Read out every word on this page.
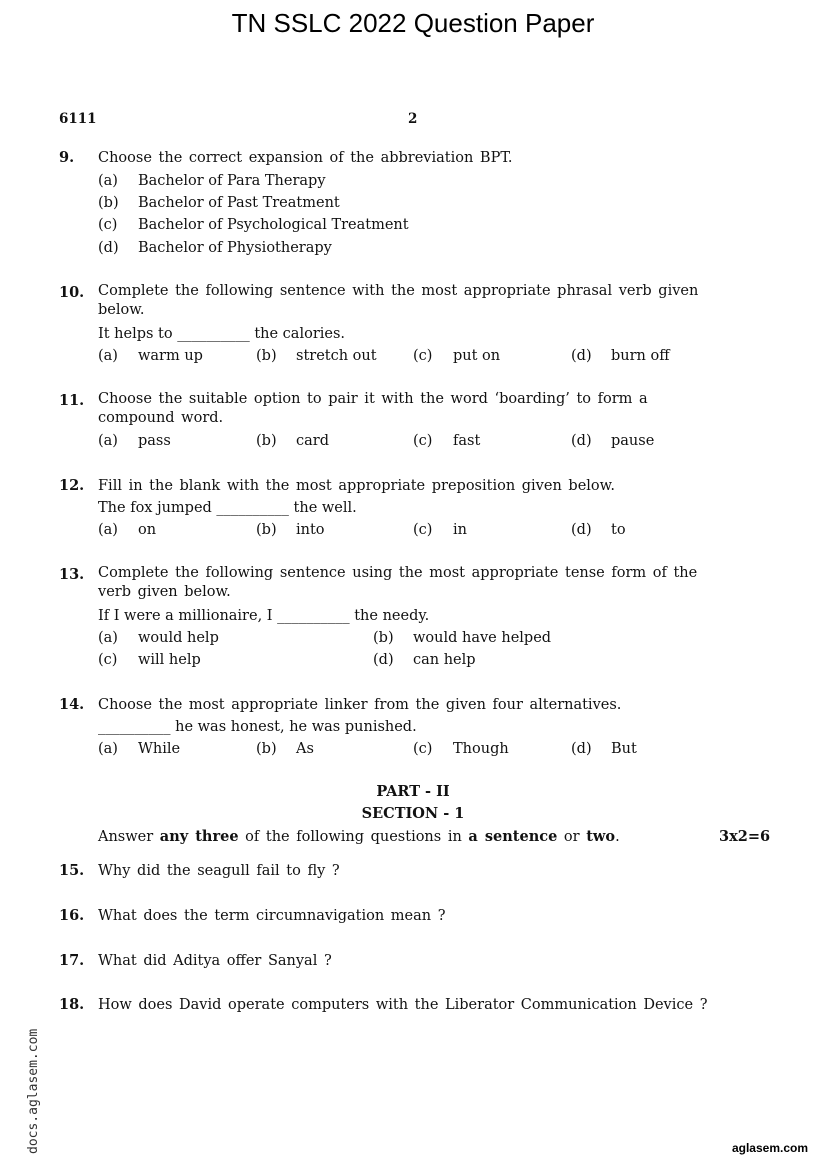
TN SSLC 2022 Question Paper
6111	2
9. Choose the correct expansion of the abbreviation BPT.
(a) Bachelor of Para Therapy
(b) Bachelor of Past Treatment
(c) Bachelor of Psychological Treatment
(d) Bachelor of Physiotherapy
10. Complete the following sentence with the most appropriate phrasal verb given below.
It helps to __________ the calories.
(a) warm up	(b) stretch out	(c) put on	(d) burn off
11. Choose the suitable option to pair it with the word ‘boarding’ to form a compound word.
(a) pass	(b) card	(c) fast	(d) pause
12. Fill in the blank with the most appropriate preposition given below.
The fox jumped __________ the well.
(a) on	(b) into	(c) in	(d) to
13. Complete the following sentence using the most appropriate tense form of the verb given below.
If I were a millionaire, I __________ the needy.
(a) would help	(b) would have helped
(c) will help	(d) can help
14. Choose the most appropriate linker from the given four alternatives.
__________ he was honest, he was punished.
(a) While	(b) As	(c) Though	(d) But
PART - II
SECTION - 1
Answer any three of the following questions in a sentence or two.	3x2=6
15. Why did the seagull fail to fly ?
16. What does the term circumnavigation mean ?
17. What did Aditya offer Sanyal ?
18. How does David operate computers with the Liberator Communication Device ?
docs.aglasem.com	aglasem.com
